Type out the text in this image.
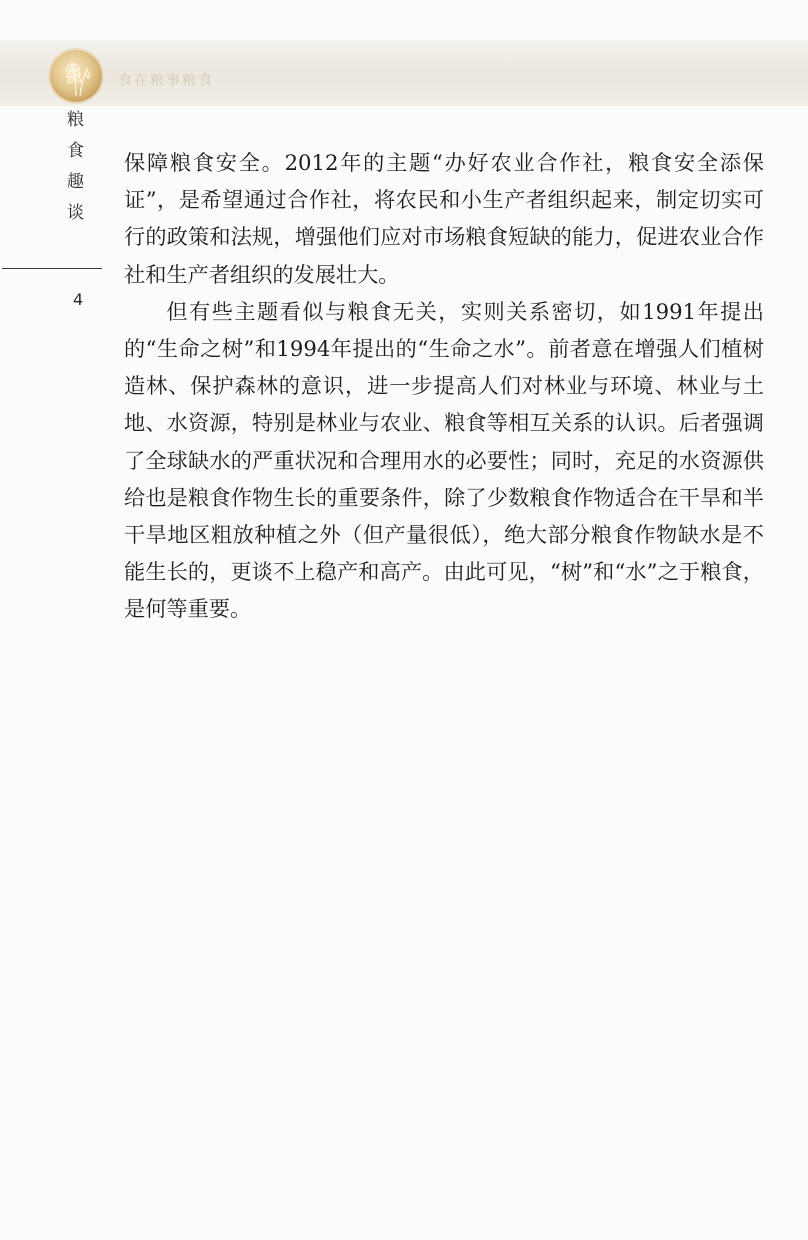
食在粮事粮食
粮食趣谈
4

保障粮食安全。2012年的主题“办好农业合作社，粮食安全添保证”，是希望通过合作社，将农民和小生产者组织起来，制定切实可行的政策和法规，增强他们应对市场粮食短缺的能力，促进农业合作社和生产者组织的发展壮大。

但有些主题看似与粮食无关，实则关系密切，如1991年提出的“生命之树”和1994年提出的“生命之水”。前者意在增强人们植树造林、保护森林的意识，进一步提高人们对林业与环境、林业与土地、水资源，特别是林业与农业、粮食等相互关系的认识。后者强调了全球缺水的严重状况和合理用水的必要性；同时，充足的水资源供给也是粮食作物生长的重要条件，除了少数粮食作物适合在干旱和半干旱地区粗放种植之外（但产量很低），绝大部分粮食作物缺水是不能生长的，更谈不上稳产和高产。由此可见，“树”和“水”之于粮食，是何等重要。
